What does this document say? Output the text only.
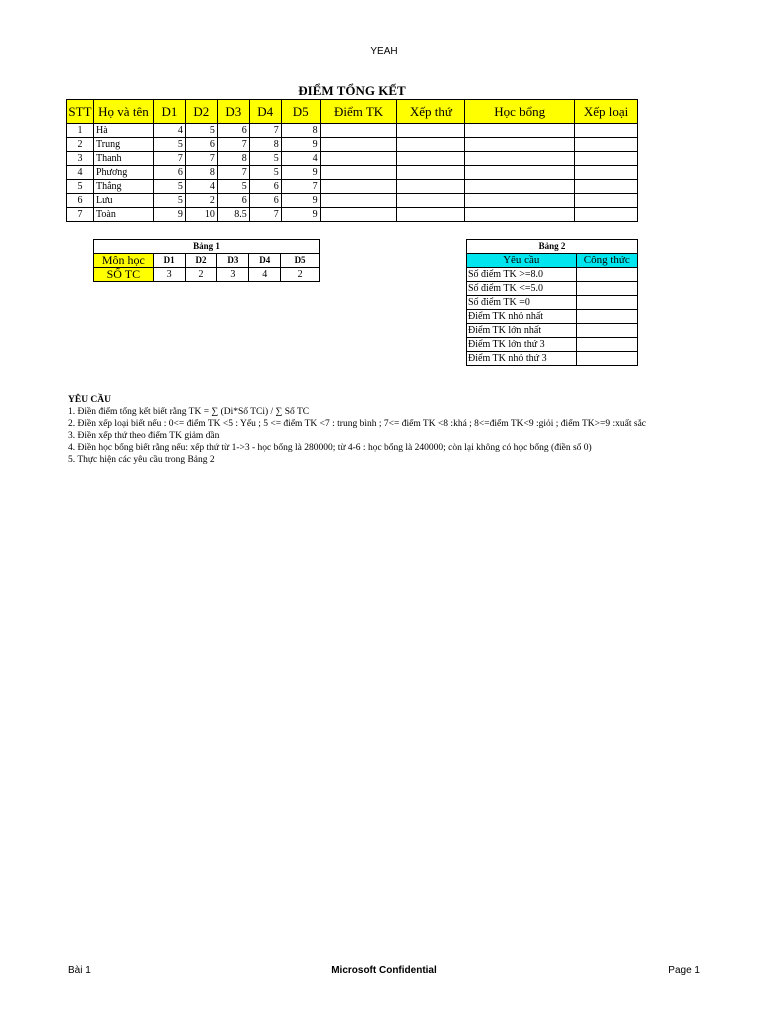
YEAH
ĐIỂM TỔNG KẾT
STT	Họ và tên	D1	D2	D3	D4	D5	Điểm TK	Xếp thứ	Học bổng	Xếp loại
1	Hà	4	5	6	7	8				
2	Trung	5	6	7	8	9				
3	Thanh	7	7	8	5	4				
4	Phương	6	8	7	5	9				
5	Thắng	5	4	5	6	7				
6	Lưu	5	2	6	6	9				
7	Toàn	9	10	8.5	7	9				
Bảng 1					
Môn học	D1	D2	D3	D4	D5
SỐ TC	3	2	3	4	2
Bảng 2	
Yêu cầu	Công thức
Số điểm TK >=8.0	
Số điểm TK <=5.0	
Số điểm TK =0	
Điểm TK nhỏ nhất	
Điểm TK lớn nhất	
Điểm TK lớn thứ 3	
Điểm TK nhỏ thứ 3	
YÊU CẦU
1. Điền điểm tổng kết biết rằng TK = ∑ (Di*Số TCi) / ∑ Số TC
2. Điền xếp loại biết nếu : 0<= điểm TK <5 : Yếu ; 5 <= điểm TK <7 : trung bình ; 7<= điểm TK <8 :khá ; 8<=điểm TK<9 :giỏi ; điểm TK>=9 :xuất sắc
3. Điền xếp thứ theo điểm TK giảm dần
4. Điền học bổng biết rằng nếu: xếp thứ từ 1->3 - học bổng là 280000; từ 4-6 : học bổng là 240000; còn lại không có học bổng (điền số 0)
5. Thực hiện các yêu cầu trong Bảng 2
Bài 1	Microsoft Confidential	Page 1
